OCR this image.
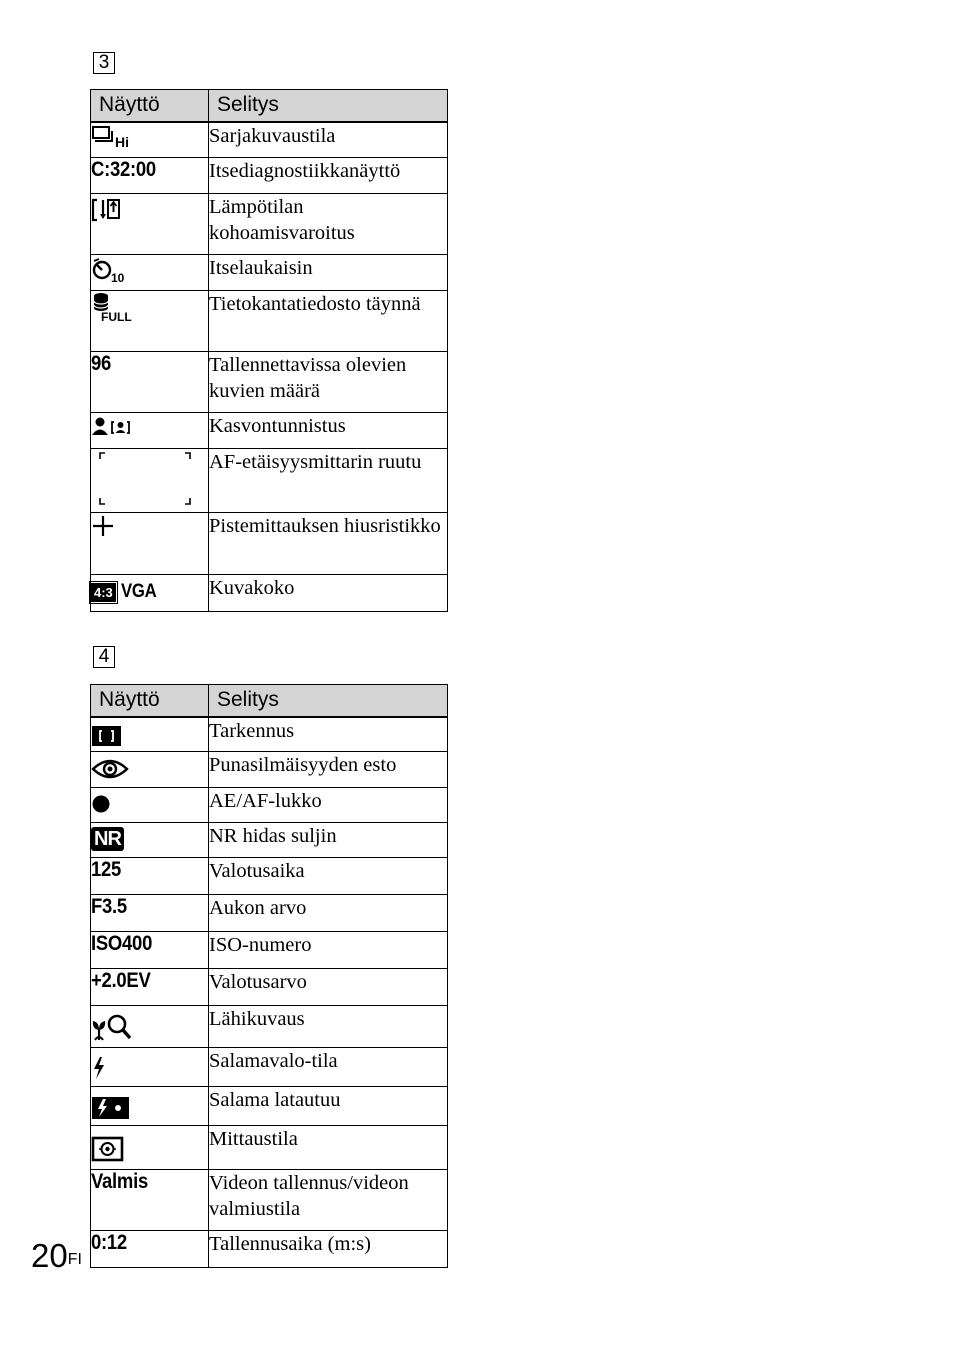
3
Näyttö	Selitys

Hi	Sarjakuvaustila
C:32:00	Itsediagnostiikkanäyttö

	Lämpötilan kohoamisvaroitus

10	Itselaukaisin

FULL	Tietokantatiedosto täynnä
96	Tallennettavissa olevien kuvien määrä

	Kasvontunnistus

	AF-etäisyysmittarin ruutu

	Pistemittauksen hiusristikko

4:3 VGA	Kuvakoko
4
Näyttö	Selitys

	Tarkennus

	Punasilmäisyyden esto

	AE/AF-lukko
NR	NR hidas suljin
125	Valotusaika
F3.5	Aukon arvo
ISO400	ISO-numero
+2.0EV	Valotusarvo

	Lähikuvaus

	Salamavalo-tila

	Salama latautuu

	Mittaustila
Valmis	Videon tallennus/videon valmiustila
0:12	Tallennusaika (m:s)
$20^{FI}$
